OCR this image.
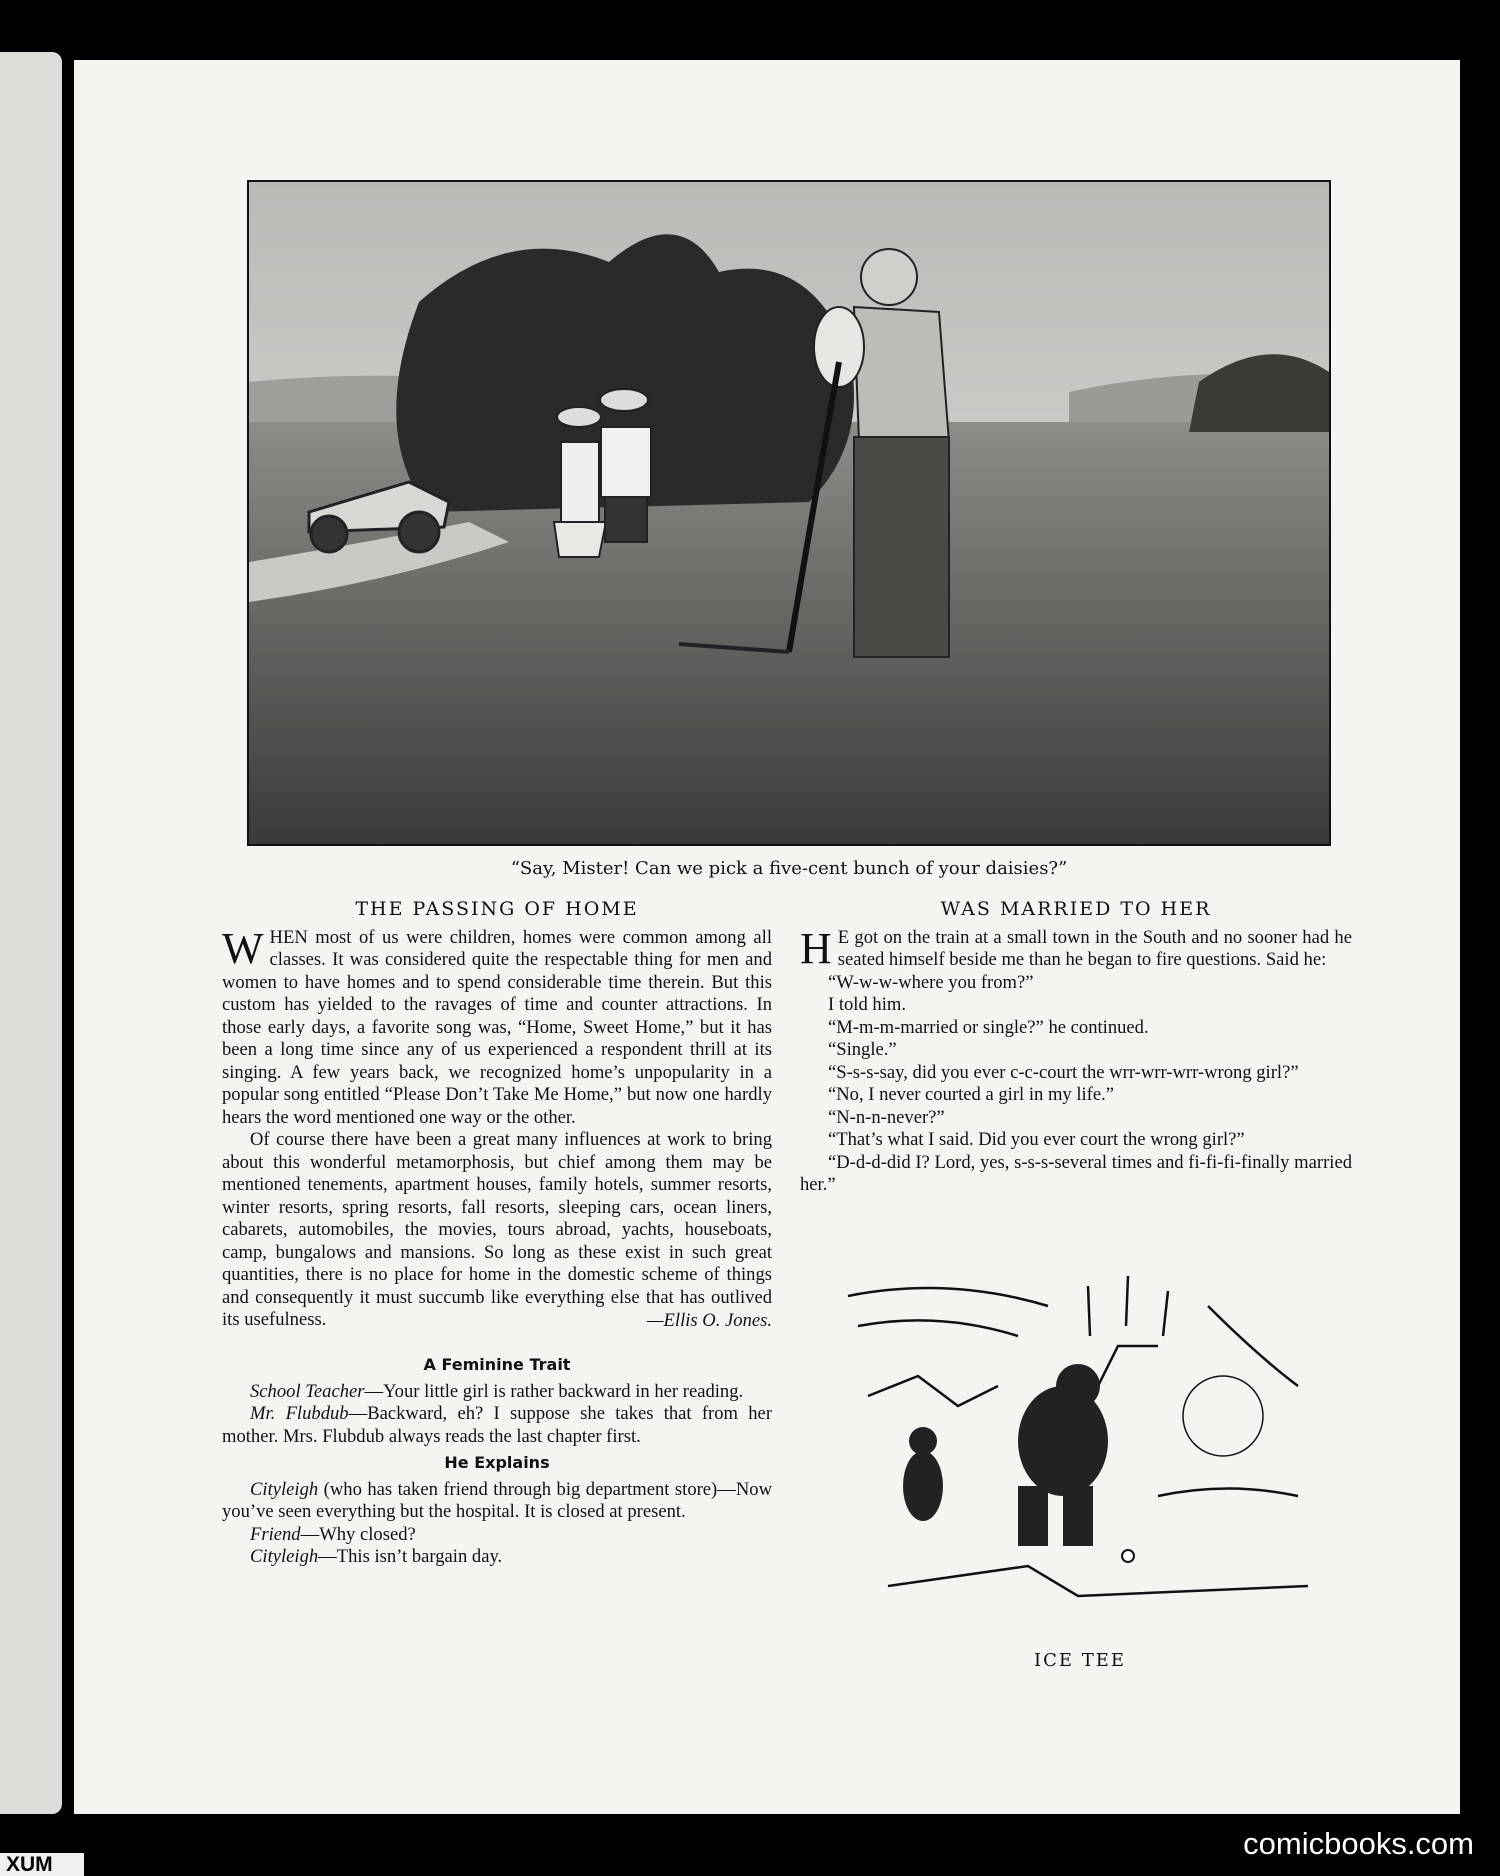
“Say, Mister! Can we pick a five-cent bunch of your daisies?”
THE PASSING OF HOME

WHEN most of us were children, homes were common among all classes. It was considered quite the respectable thing for men and women to have homes and to spend considerable time therein. But this custom has yielded to the ravages of time and counter attractions. In those early days, a favorite song was, “Home, Sweet Home,” but it has been a long time since any of us experienced a respondent thrill at its singing. A few years back, we recognized home’s unpopularity in a popular song entitled “Please Don’t Take Me Home,” but now one hardly hears the word mentioned one way or the other.

Of course there have been a great many influences at work to bring about this wonderful metamorphosis, but chief among them may be mentioned tenements, apartment houses, family hotels, summer resorts, winter resorts, spring resorts, fall resorts, sleeping cars, ocean liners, cabarets, automobiles, the movies, tours abroad, yachts, houseboats, camp, bungalows and mansions. So long as these exist in such great quantities, there is no place for home in the domestic scheme of things and consequently it must succumb like everything else that has outlived its usefulness.	—Ellis O. Jones.
A Feminine Trait

School Teacher—Your little girl is rather backward in her reading.

Mr. Flubdub—Backward, eh? I suppose she takes that from her mother. Mrs. Flubdub always reads the last chapter first.

He Explains

Cityleigh (who has taken friend through big department store)—Now you’ve seen everything but the hospital. It is closed at present.

Friend—Why closed?

Cityleigh—This isn’t bargain day.

WAS MARRIED TO HER

H E got on the train at a small town in the South and no sooner had he seated himself beside me than he began to fire questions. Said he:

“W-w-w-where you from?”

I told him.

“M-m-m-married or single?” he continued.

“Single.”

“S-s-s-say, did you ever c-c-court the wrr-wrr-wrr-wrong girl?”

“No, I never courted a girl in my life.”

“N-n-n-never?”

“That’s what I said. Did you ever court the wrong girl?”

“D-d-d-did I? Lord, yes, s-s-s-several times and fi-fi-fi-finally married her.”

ICE TEE
XUM
comicbooks.com
